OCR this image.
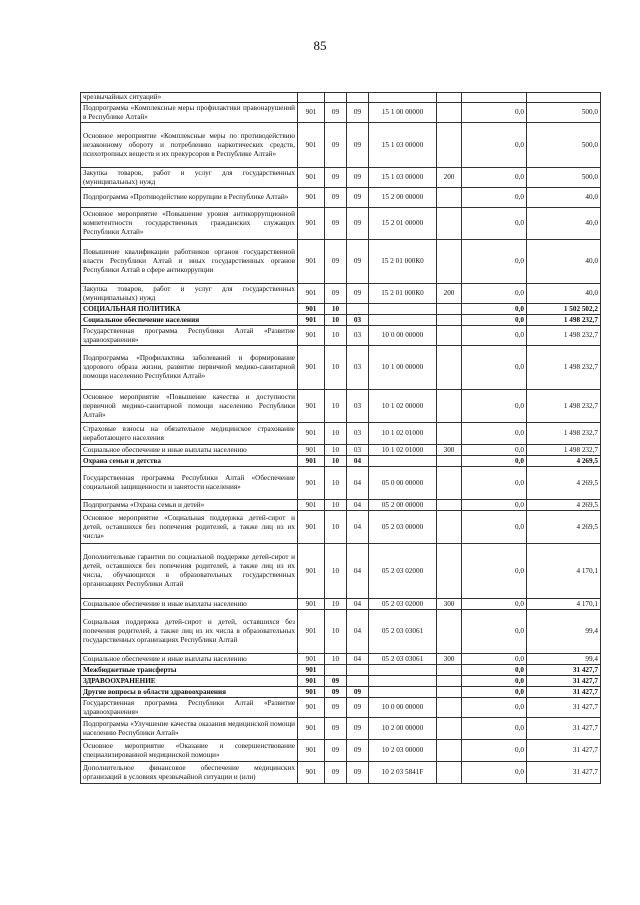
85
чрезвычайных ситуаций»							
Подпрограмма «Комплексные меры профилактики правонарушений в Республике Алтай»	901	09	09	15 1 00 00000		0,0	500,0
Основное мероприятие «Комплексные меры по противодействию незаконному обороту и потреблению наркотических средств, психотропных веществ и их прекурсоров в Республике Алтай»	901	09	09	15 1 03 00000		0,0	500,0
Закупка товаров, работ и услуг для государственных (муниципальных) нужд	901	09	09	15 1 03 00000	200	0,0	500,0
Подпрограмма «Противодействие коррупции в Республике Алтай»	901	09	09	15 2 00 00000		0,0	40,0
Основное мероприятие «Повышение уровня антикоррупционной компетентности государственных гражданских служащих Республики Алтай»	901	09	09	15 2 01 00000		0,0	40,0
Повышение квалификации работников органов государственной власти Республики Алтай и иных государственных органов Республики Алтай в сфере антикоррупции	901	09	09	15 2 01 000К0		0,0	40,0
Закупка товаров, работ и услуг для государственных (муниципальных) нужд	901	09	09	15 2 01 000К0	200	0,0	40,0
СОЦИАЛЬНАЯ ПОЛИТИКА	901	10				0,0	1 502 502,2
Социальное обеспечение населения	901	10	03			0,0	1 498 232,7
Государственная программа Республики Алтай «Развитие здравоохранения»	901	10	03	10 0 00 00000		0,0	1 498 232,7
Подпрограмма «Профилактика заболеваний и формирование здорового образа жизни, развитие первичной медико-санитарной помощи населению Республики Алтай»	901	10	03	10 1 00 00000		0,0	1 498 232,7
Основное мероприятие «Повышение качества и доступности первичной медико-санитарной помощи населению Республики Алтай»	901	10	03	10 1 02 00000		0,0	1 498 232,7
Страховые взносы на обязательное медицинское страхование неработающего населения	901	10	03	10 1 02 01000		0,0	1 498 232,7
Социальное обеспечение и иные выплаты населению	901	10	03	10 1 02 01000	300	0,0	1 498 232,7
Охрана семьи и детства	901	10	04			0,0	4 269,5
Государственная программа Республики Алтай «Обеспечение социальной защищенности и занятости населения»	901	10	04	05 0 00 00000		0,0	4 269,5
Подпрограмма «Охрана семьи и детей»	901	10	04	05 2 00 00000		0,0	4 269,5
Основное мероприятие «Социальная поддержка детей-сирот и детей, оставшихся без попечения родителей, а также лиц из их числа»	901	10	04	05 2 03 00000		0,0	4 269,5
Дополнительные гарантии по социальной поддержке детей-сирот и детей, оставшихся без попечения родителей, а также лиц из их числа, обучающихся в образовательных государственных организациях Республики Алтай	901	10	04	05 2 03 02000		0,0	4 170,1
Социальное обеспечение и иные выплаты населению	901	10	04	05 2 03 02000	300	0,0	4 170,1
Социальная поддержка детей-сирот и детей, оставшихся без попечения родителей, а также лиц из их числа в образовательных государственных организациях Республики Алтай	901	10	04	05 2 03 03061		0,0	99,4
Социальное обеспечение и иные выплаты населению	901	10	04	05 2 03 03061	300	0,0	99,4
Межбюджетные трансферты	901					0,0	31 427,7
ЗДРАВООХРАНЕНИЕ	901	09				0,0	31 427,7
Другие вопросы в области здравоохранения	901	09	09			0,0	31 427,7
Государственная программа Республики Алтай «Развитие здравоохранения»	901	09	09	10 0 00 00000		0,0	31 427,7
Подпрограмма «Улучшение качества оказания медицинской помощи населению Республики Алтай»	901	09	09	10 2 00 00000		0,0	31 427,7
Основное мероприятие «Оказание и совершенствование специализированной медицинской помощи»	901	09	09	10 2 03 00000		0,0	31 427,7
Дополнительное финансовое обеспечение медицинских организаций в условиях чрезвычайной ситуации и (или)	901	09	09	10 2 03 5841F		0,0	31 427,7
